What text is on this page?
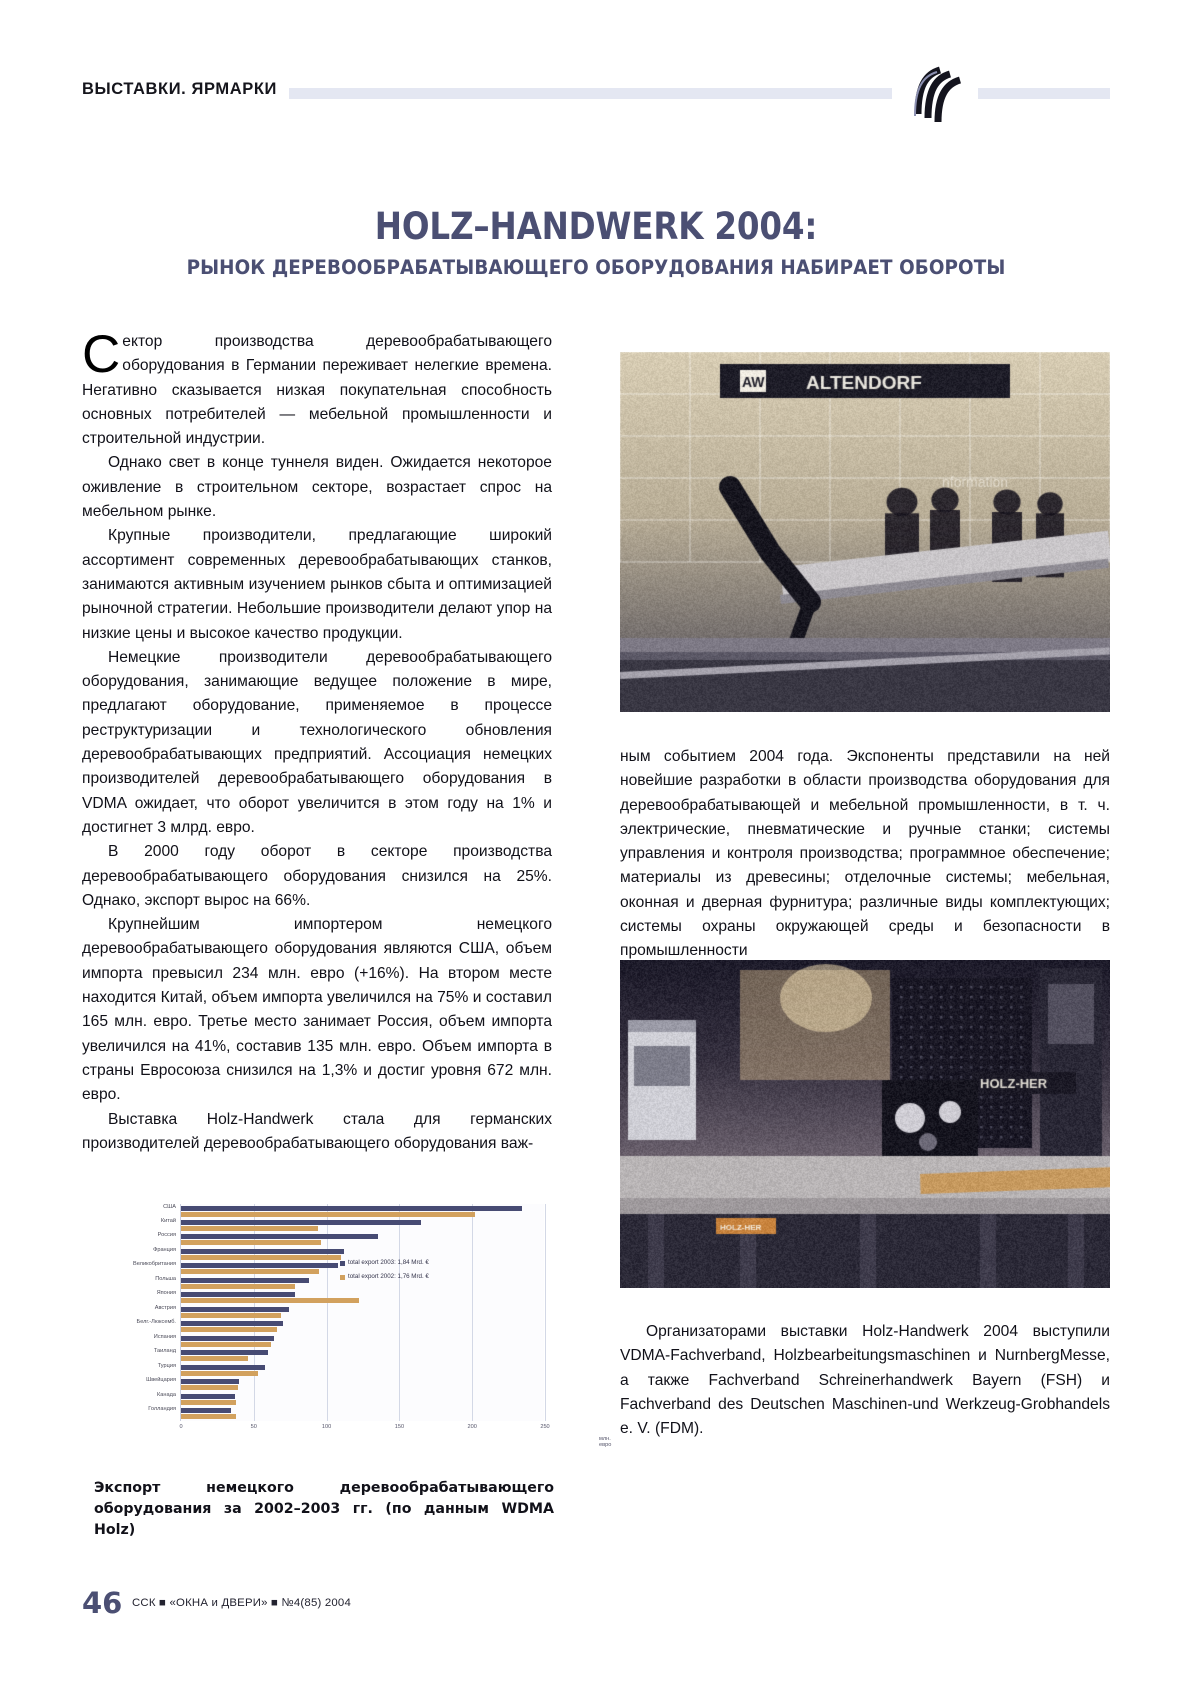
ВЫСТАВКИ. ЯРМАРКИ
HOLZ–HANDWERK 2004:
РЫНОК ДЕРЕВООБРАБАТЫВАЮЩЕГО ОБОРУДОВАНИЯ НАБИРАЕТ ОБОРОТЫ

Сектор производства деревообрабатывающего оборудования в Германии переживает нелегкие времена. Негативно сказывается низкая покупательная способность основных потребителей — мебельной промышленности и строительной индустрии.

Однако свет в конце туннеля виден. Ожидается некоторое оживление в строительном секторе, возрастает спрос на мебельном рынке.

Крупные производители, предлагающие широкий ассортимент современных деревообрабатывающих станков, занимаются активным изучением рынков сбыта и оптимизацией рыночной стратегии. Небольшие производители делают упор на низкие цены и высокое качество продукции.

Немецкие производители деревообрабатывающего оборудования, занимающие ведущее положение в мире, предлагают оборудование, применяемое в процессе реструктуризации и технологического обновления деревообрабатывающих предприятий. Ассоциация немецких производителей деревообрабатывающего оборудования в VDMA ожидает, что оборот увеличится в этом году на 1% и достигнет 3 млрд. евро.

В 2000 году оборот в секторе производства деревообрабатывающего оборудования снизился на 25%. Однако, экспорт вырос на 66%.

Крупнейшим импортером немецкого деревообрабатывающего оборудования являются США, объем импорта превысил 234 млн. евро (+16%). На втором месте находится Китай, объем импорта увеличился на 75% и составил 165 млн. евро. Третье место занимает Россия, объем импорта увеличился на 41%, составив 135 млн. евро. Объем импорта в страны Евросоюза снизился на 1,3% и достиг уровня 672 млн. евро.

Выставка Holz-Handwerk стала для германских производителей деревообрабатывающего оборудования важ-

ным событием 2004 года. Экспоненты представили на ней новейшие разработки в области производства оборудования для деревообрабатывающей и мебельной промышленности, в т. ч. электрические, пневматические и ручные станки; системы управления и контроля производства; программное обеспечение; материалы из древесины; отделочные системы; мебельная, оконная и дверная фурнитура; различные виды комплектующих; системы охраны окружающей среды и безопасности в промышленности

Организаторами выставки Holz-Handwerk 2004 выступили VDMA-Fachverband, Holzbearbeitungsmaschinen и NurnbergMesse, а также Fachverband Schreinerhandwerk Bayern (FSH) и Fachverband des Deutschen Maschinen-und Werkzeug-Grobhandels e. V. (FDM).

0	50	100	150	200	250
млн. евро
США
Китай
Россия
Франция
Великобритания
Польша
Япония
Австрия
Белг.-Люксемб.
Испания
Таиланд
Турция
Швейцария
Канада
Голландия
total export 2003: 1,84 Mrd. €
total export 2002: 1,76 Mrd. €
Экспорт немецкого деревообрабатывающего оборудования за 2002–2003 гг. (по данным WDMA Holz)
46 ССК ■ «ОКНА и ДВЕРИ» ■ №4(85) 2004
